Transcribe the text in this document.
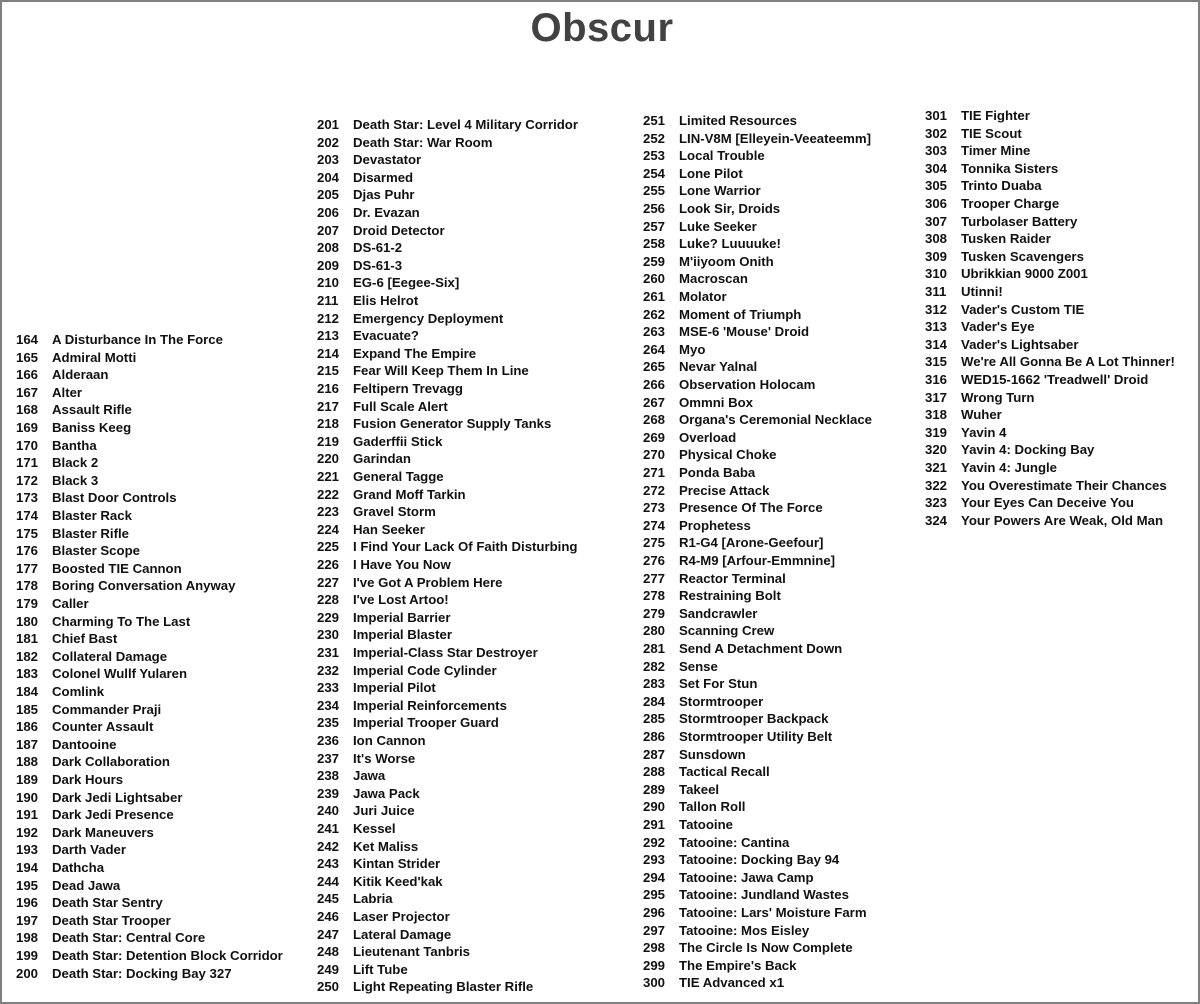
Obscur
164 A Disturbance In The Force
165 Admiral Motti
166 Alderaan
167 Alter
168 Assault Rifle
169 Baniss Keeg
170 Bantha
171 Black 2
172 Black 3
173 Blast Door Controls
174 Blaster Rack
175 Blaster Rifle
176 Blaster Scope
177 Boosted TIE Cannon
178 Boring Conversation Anyway
179 Caller
180 Charming To The Last
181 Chief Bast
182 Collateral Damage
183 Colonel Wullf Yularen
184 Comlink
185 Commander Praji
186 Counter Assault
187 Dantooine
188 Dark Collaboration
189 Dark Hours
190 Dark Jedi Lightsaber
191 Dark Jedi Presence
192 Dark Maneuvers
193 Darth Vader
194 Dathcha
195 Dead Jawa
196 Death Star Sentry
197 Death Star Trooper
198 Death Star: Central Core
199 Death Star: Detention Block Corridor
200 Death Star: Docking Bay 327
201 Death Star: Level 4 Military Corridor
202 Death Star: War Room
203 Devastator
204 Disarmed
205 Djas Puhr
206 Dr. Evazan
207 Droid Detector
208 DS-61-2
209 DS-61-3
210 EG-6 [Eegee-Six]
211 Elis Helrot
212 Emergency Deployment
213 Evacuate?
214 Expand The Empire
215 Fear Will Keep Them In Line
216 Feltipern Trevagg
217 Full Scale Alert
218 Fusion Generator Supply Tanks
219 Gaderffii Stick
220 Garindan
221 General Tagge
222 Grand Moff Tarkin
223 Gravel Storm
224 Han Seeker
225 I Find Your Lack Of Faith Disturbing
226 I Have You Now
227 I've Got A Problem Here
228 I've Lost Artoo!
229 Imperial Barrier
230 Imperial Blaster
231 Imperial-Class Star Destroyer
232 Imperial Code Cylinder
233 Imperial Pilot
234 Imperial Reinforcements
235 Imperial Trooper Guard
236 Ion Cannon
237 It's Worse
238 Jawa
239 Jawa Pack
240 Juri Juice
241 Kessel
242 Ket Maliss
243 Kintan Strider
244 Kitik Keed'kak
245 Labria
246 Laser Projector
247 Lateral Damage
248 Lieutenant Tanbris
249 Lift Tube
250 Light Repeating Blaster Rifle
251 Limited Resources
252 LIN-V8M [Elleyein-Veeateemm]
253 Local Trouble
254 Lone Pilot
255 Lone Warrior
256 Look Sir, Droids
257 Luke Seeker
258 Luke? Luuuuke!
259 M'iiyoom Onith
260 Macroscan
261 Molator
262 Moment of Triumph
263 MSE-6 'Mouse' Droid
264 Myo
265 Nevar Yalnal
266 Observation Holocam
267 Ommni Box
268 Organa's Ceremonial Necklace
269 Overload
270 Physical Choke
271 Ponda Baba
272 Precise Attack
273 Presence Of The Force
274 Prophetess
275 R1-G4 [Arone-Geefour]
276 R4-M9 [Arfour-Emmnine]
277 Reactor Terminal
278 Restraining Bolt
279 Sandcrawler
280 Scanning Crew
281 Send A Detachment Down
282 Sense
283 Set For Stun
284 Stormtrooper
285 Stormtrooper Backpack
286 Stormtrooper Utility Belt
287 Sunsdown
288 Tactical Recall
289 Takeel
290 Tallon Roll
291 Tatooine
292 Tatooine: Cantina
293 Tatooine: Docking Bay 94
294 Tatooine: Jawa Camp
295 Tatooine: Jundland Wastes
296 Tatooine: Lars' Moisture Farm
297 Tatooine: Mos Eisley
298 The Circle Is Now Complete
299 The Empire's Back
300 TIE Advanced x1
301 TIE Fighter
302 TIE Scout
303 Timer Mine
304 Tonnika Sisters
305 Trinto Duaba
306 Trooper Charge
307 Turbolaser Battery
308 Tusken Raider
309 Tusken Scavengers
310 Ubrikkian 9000 Z001
311 Utinni!
312 Vader's Custom TIE
313 Vader's Eye
314 Vader's Lightsaber
315 We're All Gonna Be A Lot Thinner!
316 WED15-1662 'Treadwell' Droid
317 Wrong Turn
318 Wuher
319 Yavin 4
320 Yavin 4: Docking Bay
321 Yavin 4: Jungle
322 You Overestimate Their Chances
323 Your Eyes Can Deceive You
324 Your Powers Are Weak, Old Man
